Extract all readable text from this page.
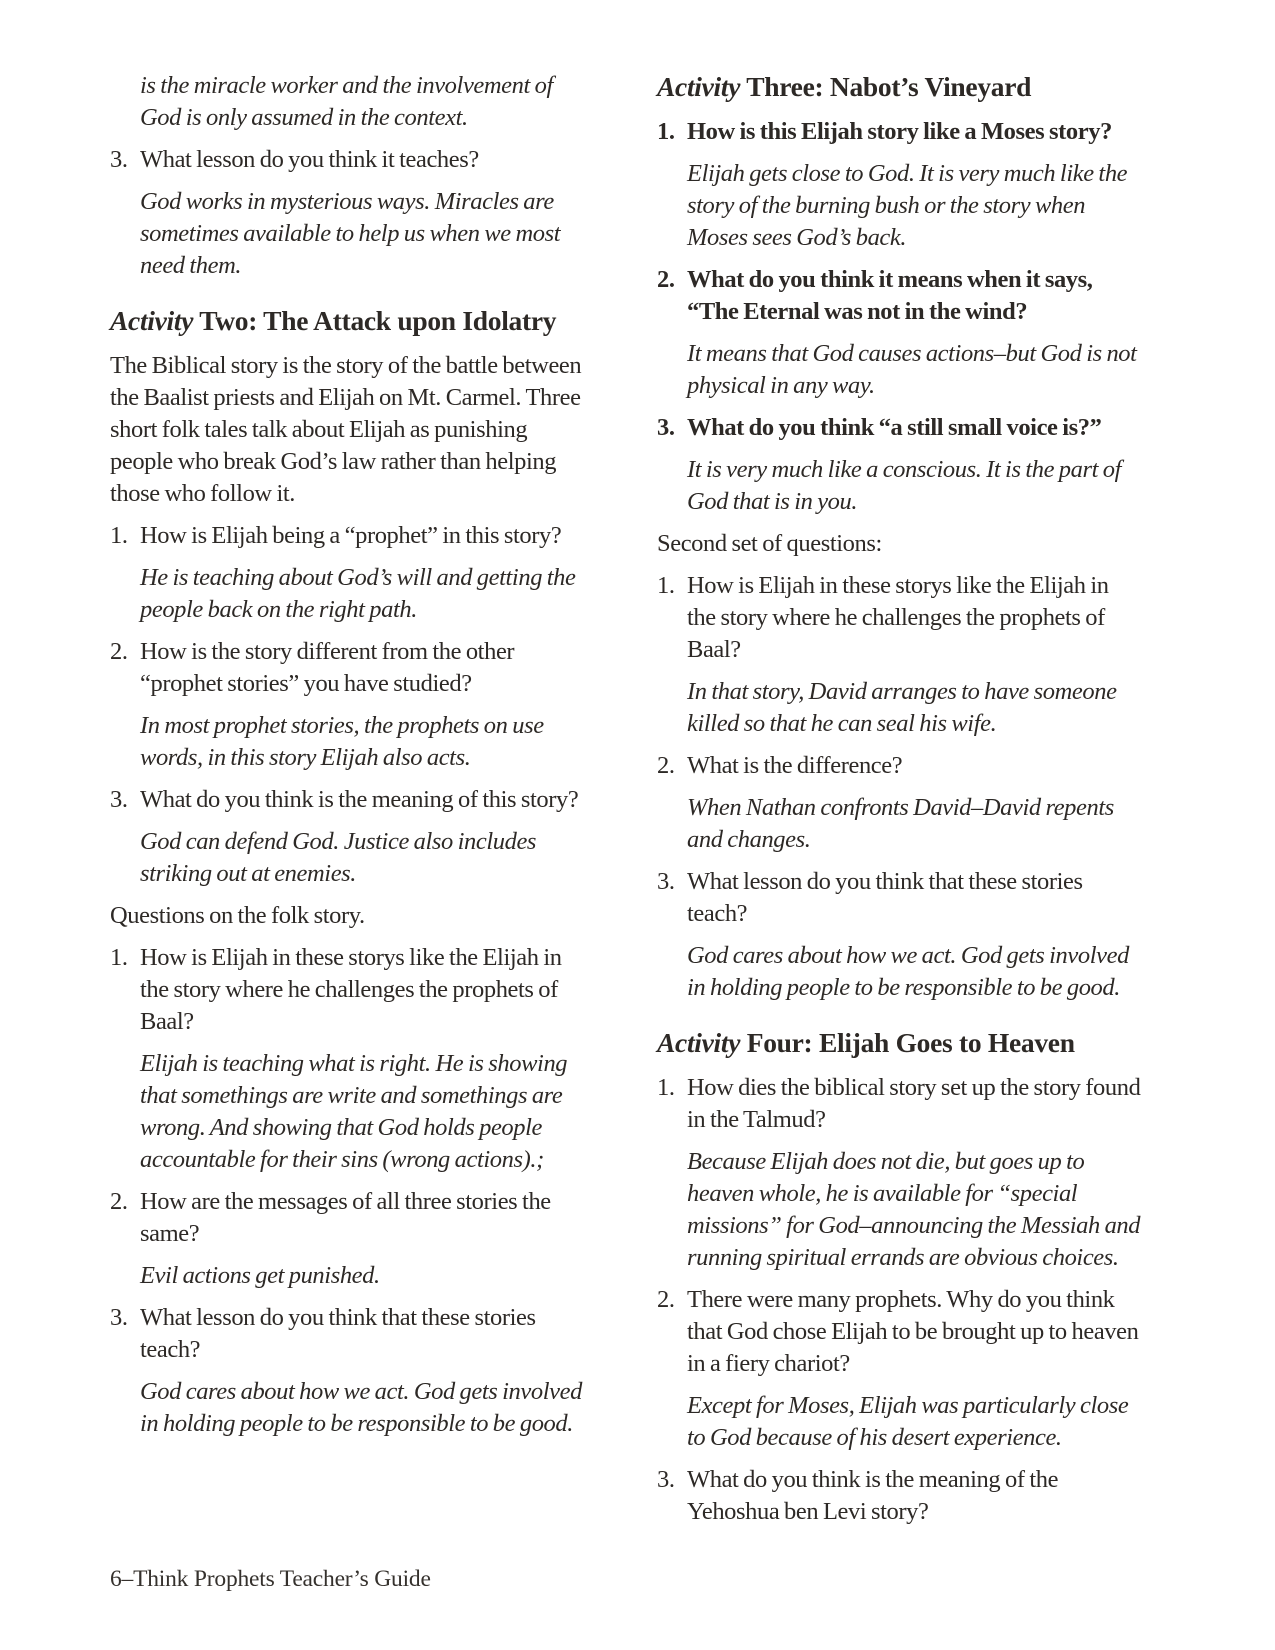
is the miracle worker and the involvement of God is only assumed in the context.
3. What lesson do you think it teaches?
God works in mysterious ways. Miracles are sometimes available to help us when we most need them.
Activity Two: The Attack upon Idolatry
The Biblical story is the story of the battle between the Baalist priests and Elijah on Mt. Carmel. Three short folk tales talk about Elijah as punishing people who break God’s law rather than helping those who follow it.
1. How is Elijah being a “prophet” in this story?
He is teaching about God’s will and getting the people back on the right path.
2. How is the story different from the other “prophet stories” you have studied?
In most prophet stories, the prophets on use words, in this story Elijah also acts.
3. What do you think is the meaning of this story?
God can defend God. Justice also includes striking out at enemies.
Questions on the folk story.
1. How is Elijah in these storys like the Elijah in the story where he challenges the prophets of Baal?
Elijah is teaching what is right. He is showing that somethings are write and somethings are wrong. And showing that God holds people accountable for their sins (wrong actions).;
2. How are the messages of all three stories the same?
Evil actions get punished.
3. What lesson do you think that these stories teach?
God cares about how we act. God gets involved in holding people to be responsible to be good.
Activity Three: Nabot’s Vineyard
1. How is this Elijah story like a Moses story?
Elijah gets close to God. It is very much like the story of the burning bush or the story when Moses sees God’s back.
2. What do you think it means when it says, “The Eternal was not in the wind?
It means that God causes actions–but God is not physical in any way.
3. What do you think “a still small voice is?”
It is very much like a conscious. It is the part of God that is in you.
Second set of questions:
1. How is Elijah in these storys like the Elijah in the story where he challenges the prophets of Baal?
In that story, David arranges to have someone killed so that he can seal his wife.
2. What is the difference?
When Nathan confronts David–David repents and changes.
3. What lesson do you think that these stories teach?
God cares about how we act. God gets involved in holding people to be responsible to be good.
Activity Four: Elijah Goes to Heaven
1. How dies the biblical story set up the story found in the Talmud?
Because Elijah does not die, but goes up to heaven whole, he is available for “special missions” for God–announcing the Messiah and running spiritual errands are obvious choices.
2. There were many prophets. Why do you think that God chose Elijah to be brought up to heaven in a fiery chariot?
Except for Moses, Elijah was particularly close to God because of his desert experience.
3. What do you think is the meaning of the Yehoshua ben Levi story?
6–Think Prophets Teacher’s Guide
